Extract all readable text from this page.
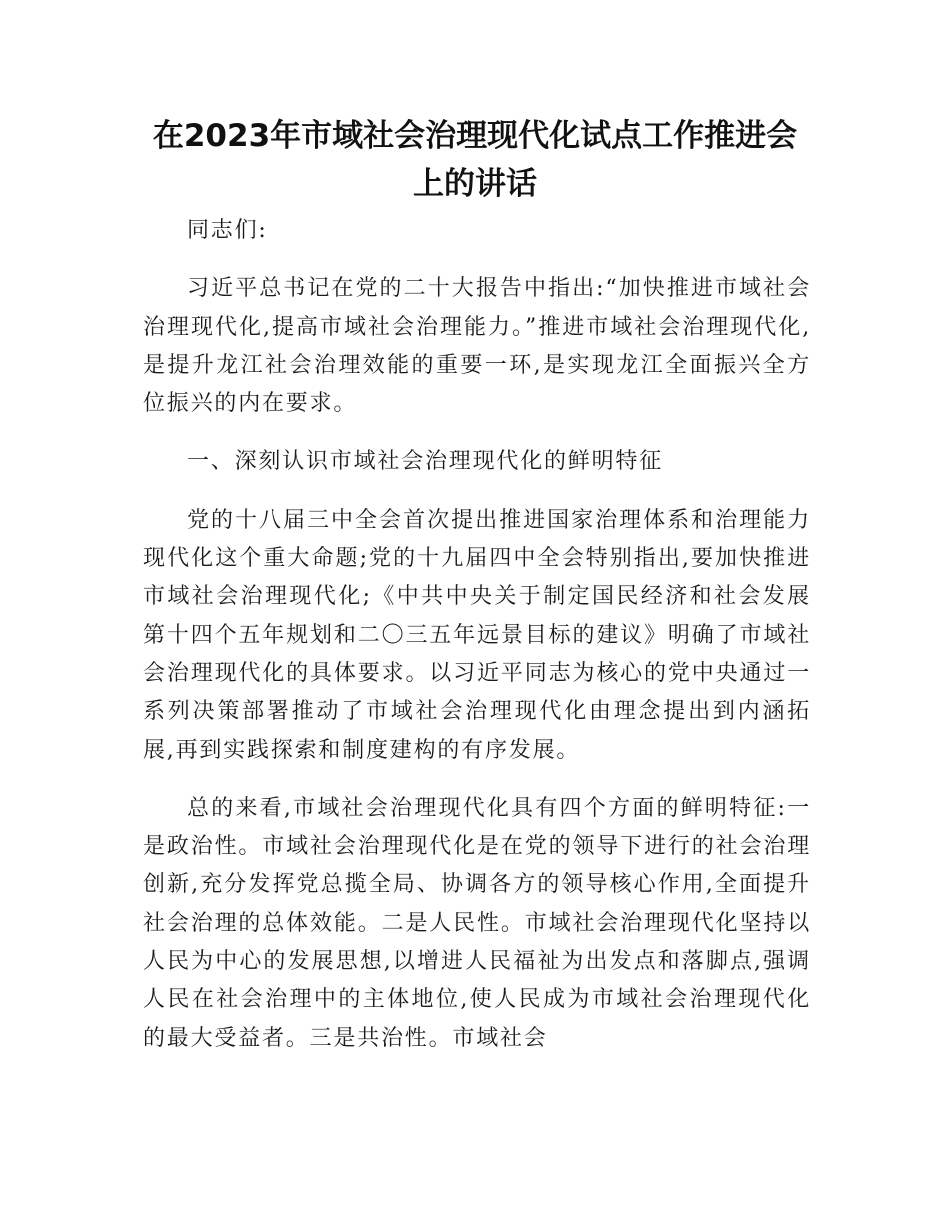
在2023年市域社会治理现代化试点工作推进会上的讲话

同志们:

习近平总书记在党的二十大报告中指出:“加快推进市域社会治理现代化,提高市域社会治理能力。”推进市域社会治理现代化,是提升龙江社会治理效能的重要一环,是实现龙江全面振兴全方位振兴的内在要求。

一、深刻认识市域社会治理现代化的鲜明特征

党的十八届三中全会首次提出推进国家治理体系和治理能力现代化这个重大命题;党的十九届四中全会特别指出,要加快推进市域社会治理现代化;《中共中央关于制定国民经济和社会发展第十四个五年规划和二〇三五年远景目标的建议》明确了市域社会治理现代化的具体要求。以习近平同志为核心的党中央通过一系列决策部署推动了市域社会治理现代化由理念提出到内涵拓展,再到实践探索和制度建构的有序发展。

总的来看,市域社会治理现代化具有四个方面的鲜明特征:一是政治性。市域社会治理现代化是在党的领导下进行的社会治理创新,充分发挥党总揽全局、协调各方的领导核心作用,全面提升社会治理的总体效能。二是人民性。市域社会治理现代化坚持以人民为中心的发展思想,以增进人民福祉为出发点和落脚点,强调人民在社会治理中的主体地位,使人民成为市域社会治理现代化的最大受益者。三是共治性。市域社会
